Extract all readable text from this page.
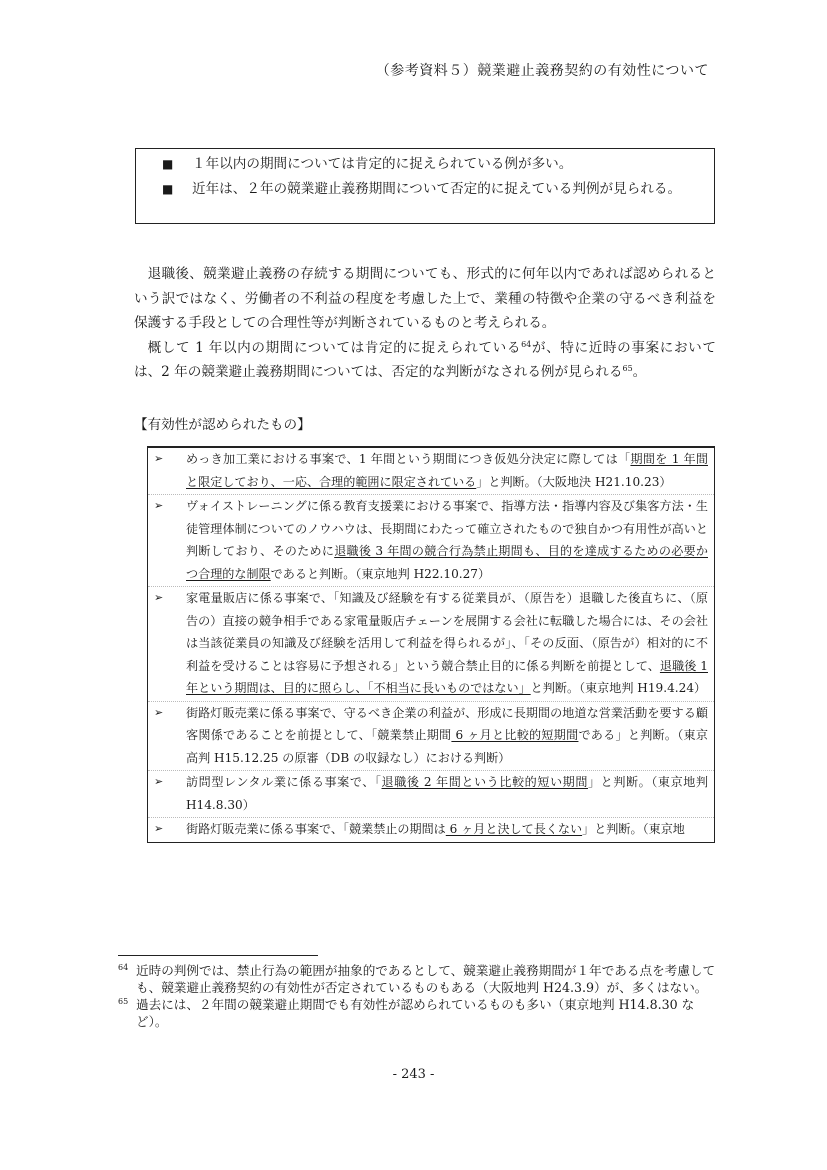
（参考資料５）競業避止義務契約の有効性について
■ １年以内の期間については肯定的に捉えられている例が多い。
■ 近年は、２年の競業避止義務期間について否定的に捉えている判例が見られる。

退職後、競業避止義務の存続する期間についても、形式的に何年以内であれば認められるという訳ではなく、労働者の不利益の程度を考慮した上で、業種の特徴や企業の守るべき利益を保護する手段としての合理性等が判断されているものと考えられる。

概して 1 年以内の期間については肯定的に捉えられている$^{64}$が、特に近時の事案においては、2 年の競業避止義務期間については、否定的な判断がなされる例が見られる$^{65}$。

【有効性が認められたもの】
➢ めっき加工業における事案で、1 年間という期間につき仮処分決定に際しては「期間を 1 年間と限定しており、一応、合理的範囲に限定されている」と判断。（大阪地決 H21.10.23）
➢ ヴォイストレーニングに係る教育支援業における事案で、指導方法・指導内容及び集客方法・生徒管理体制についてのノウハウは、長期間にわたって確立されたもので独自かつ有用性が高いと判断しており、そのために退職後 3 年間の競合行為禁止期間も、目的を達成するための必要かつ合理的な制限であると判断。（東京地判 H22.10.27）
➢ 家電量販店に係る事案で、「知識及び経験を有する従業員が、（原告を）退職した後直ちに、（原告の）直接の競争相手である家電量販店チェーンを展開する会社に転職した場合には、その会社は当該従業員の知識及び経験を活用して利益を得られるが」、「その反面、（原告が）相対的に不利益を受けることは容易に予想される」という競合禁止目的に係る判断を前提として、退職後 1 年という期間は、目的に照らし、「不相当に長いものではない」と判断。（東京地判 H19.4.24）
➢ 街路灯販売業に係る事案で、守るべき企業の利益が、形成に長期間の地道な営業活動を要する顧客関係であることを前提として、「競業禁止期間 6 ヶ月と比較的短期間である」と判断。（東京高判 H15.12.25 の原審（DB の収録なし）における判断）
➢ 訪問型レンタル業に係る事案で、「退職後 2 年間という比較的短い期間」と判断。（東京地判 H14.8.30）
➢ 街路灯販売業に係る事案で、「競業禁止の期間は 6 ヶ月と決して長くない」と判断。（東京地
64 近時の判例では、禁止行為の範囲が抽象的であるとして、競業避止義務期間が１年である点を考慮しても、競業避止義務契約の有効性が否定されているものもある（大阪地判 H24.3.9）が、多くはない。
65 過去には、２年間の競業避止期間でも有効性が認められているものも多い（東京地判 H14.8.30 など）。
- 243 -
